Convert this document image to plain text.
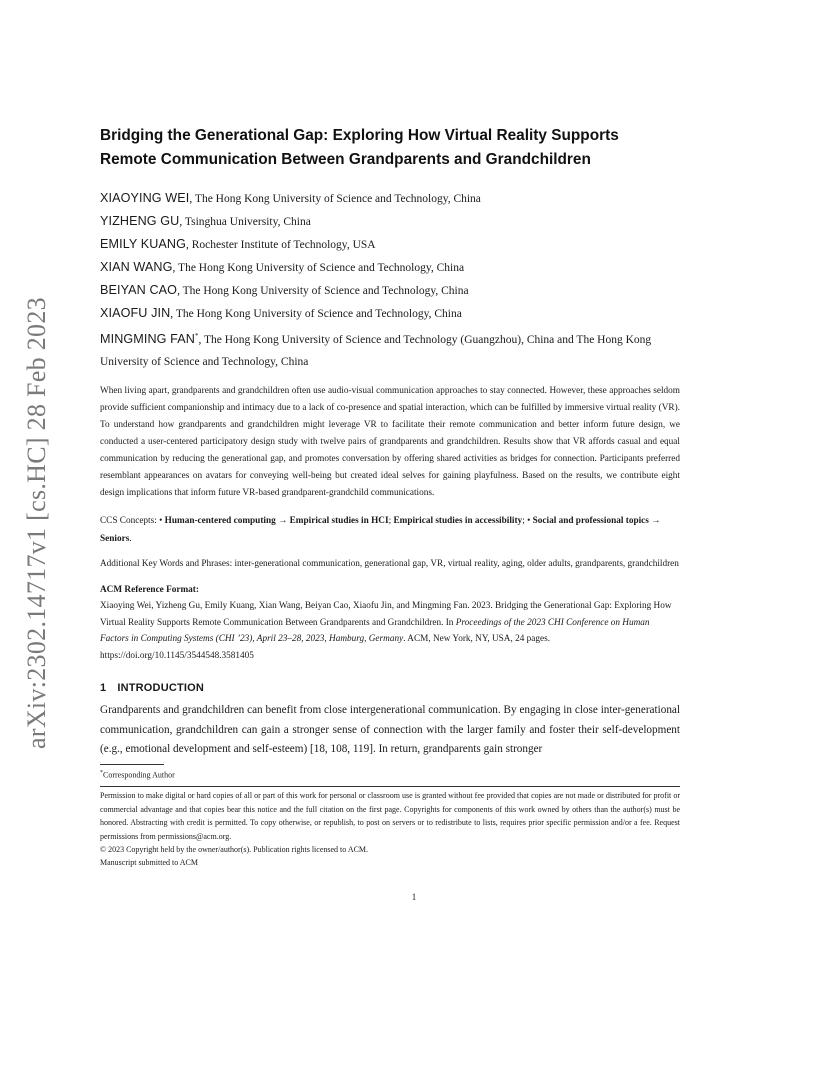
arXiv:2302.14717v1 [cs.HC] 28 Feb 2023
Bridging the Generational Gap: Exploring How Virtual Reality Supports
Remote Communication Between Grandparents and Grandchildren
XIAOYING WEI, The Hong Kong University of Science and Technology, China
YIZHENG GU, Tsinghua University, China
EMILY KUANG, Rochester Institute of Technology, USA
XIAN WANG, The Hong Kong University of Science and Technology, China
BEIYAN CAO, The Hong Kong University of Science and Technology, China
XIAOFU JIN, The Hong Kong University of Science and Technology, China
MINGMING FAN*, The Hong Kong University of Science and Technology (Guangzhou), China and The Hong Kong
University of Science and Technology, China

When living apart, grandparents and grandchildren often use audio-visual communication approaches to stay connected. However, these approaches seldom provide sufficient companionship and intimacy due to a lack of co-presence and spatial interaction, which can be fulfilled by immersive virtual reality (VR). To understand how grandparents and grandchildren might leverage VR to facilitate their remote communication and better inform future design, we conducted a user-centered participatory design study with twelve pairs of grandparents and grandchildren. Results show that VR affords casual and equal communication by reducing the generational gap, and promotes conversation by offering shared activities as bridges for connection. Participants preferred resemblant appearances on avatars for conveying well-being but created ideal selves for gaining playfulness. Based on the results, we contribute eight design implications that inform future VR-based grandparent-grandchild communications.

CCS Concepts: • Human-centered computing → Empirical studies in HCI; Empirical studies in accessibility; • Social and professional topics → Seniors.
Additional Key Words and Phrases: inter-generational communication, generational gap, VR, virtual reality, aging, older adults, grandparents, grandchildren
ACM Reference Format:
Xiaoying Wei, Yizheng Gu, Emily Kuang, Xian Wang, Beiyan Cao, Xiaofu Jin, and Mingming Fan. 2023. Bridging the Generational Gap: Exploring How Virtual Reality Supports Remote Communication Between Grandparents and Grandchildren. In Proceedings of the 2023 CHI Conference on Human Factors in Computing Systems (CHI ’23), April 23–28, 2023, Hamburg, Germany. ACM, New York, NY, USA, 24 pages. https://doi.org/10.1145/3544548.3581405
1 INTRODUCTION

Grandparents and grandchildren can benefit from close intergenerational communication. By engaging in close inter-generational communication, grandchildren can gain a stronger sense of connection with the larger family and foster their self-development (e.g., emotional development and self-esteem) [18, 108, 119]. In return, grandparents gain stronger

*Corresponding Author
Permission to make digital or hard copies of all or part of this work for personal or classroom use is granted without fee provided that copies are not made or distributed for profit or commercial advantage and that copies bear this notice and the full citation on the first page. Copyrights for components of this work owned by others than the author(s) must be honored. Abstracting with credit is permitted. To copy otherwise, or republish, to post on servers or to redistribute to lists, requires prior specific permission and/or a fee. Request permissions from permissions@acm.org.
© 2023 Copyright held by the owner/author(s). Publication rights licensed to ACM.
Manuscript submitted to ACM
1
